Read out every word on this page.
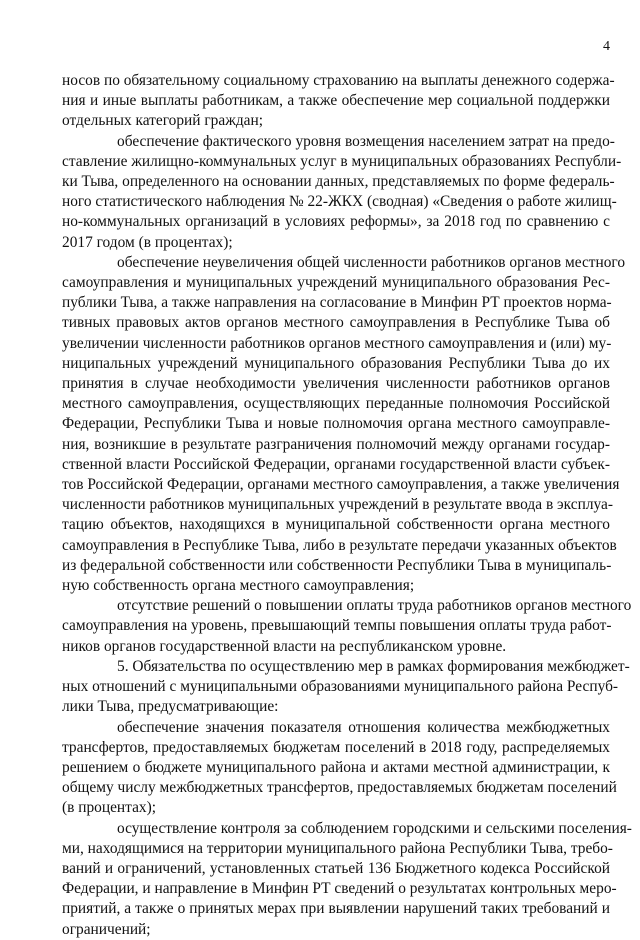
4

носов по обязательному социальному страхованию на выплаты денежного содержа-
ния и иные выплаты работникам, а также обеспечение мер социальной поддержки
отдельных категорий граждан;

обеспечение фактического уровня возмещения населением затрат на предо-
ставление жилищно-коммунальных услуг в муниципальных образованиях Республи-
ки Тыва, определенного на основании данных, представляемых по форме федераль-
ного статистического наблюдения № 22-ЖКХ (сводная) «Сведения о работе жилищ-
но-коммунальных организаций в условиях реформы», за 2018 год по сравнению с
2017 годом (в процентах);

обеспечение неувеличения общей численности работников органов местного
самоуправления и муниципальных учреждений муниципального образования Рес-
публики Тыва, а также направления на согласование в Минфин РТ проектов норма-
тивных правовых актов органов местного самоуправления в Республике Тыва об
увеличении численности работников органов местного самоуправления и (или) му-
ниципальных учреждений муниципального образования Республики Тыва до их
принятия в случае необходимости увеличения численности работников органов
местного самоуправления, осуществляющих переданные полномочия Российской
Федерации, Республики Тыва и новые полномочия органа местного самоуправле-
ния, возникшие в результате разграничения полномочий между органами государ-
ственной власти Российской Федерации, органами государственной власти субъек-
тов Российской Федерации, органами местного самоуправления, а также увеличения
численности работников муниципальных учреждений в результате ввода в эксплуа-
тацию объектов, находящихся в муниципальной собственности органа местного
самоуправления в Республике Тыва, либо в результате передачи указанных объектов
из федеральной собственности или собственности Республики Тыва в муниципаль-
ную собственность органа местного самоуправления;

отсутствие решений о повышении оплаты труда работников органов местного
самоуправления на уровень, превышающий темпы повышения оплаты труда работ-
ников органов государственной власти на республиканском уровне.

5. Обязательства по осуществлению мер в рамках формирования межбюджет-
ных отношений с муниципальными образованиями муниципального района Респуб-
лики Тыва, предусматривающие:

обеспечение значения показателя отношения количества межбюджетных
трансфертов, предоставляемых бюджетам поселений в 2018 году, распределяемых
решением о бюджете муниципального района и актами местной администрации, к
общему числу межбюджетных трансфертов, предоставляемых бюджетам поселений
(в процентах);

осуществление контроля за соблюдением городскими и сельскими поселения-
ми, находящимися на территории муниципального района Республики Тыва, требо-
ваний и ограничений, установленных статьей 136 Бюджетного кодекса Российской
Федерации, и направление в Минфин РТ сведений о результатах контрольных меро-
приятий, а также о принятых мерах при выявлении нарушений таких требований и
ограничений;
